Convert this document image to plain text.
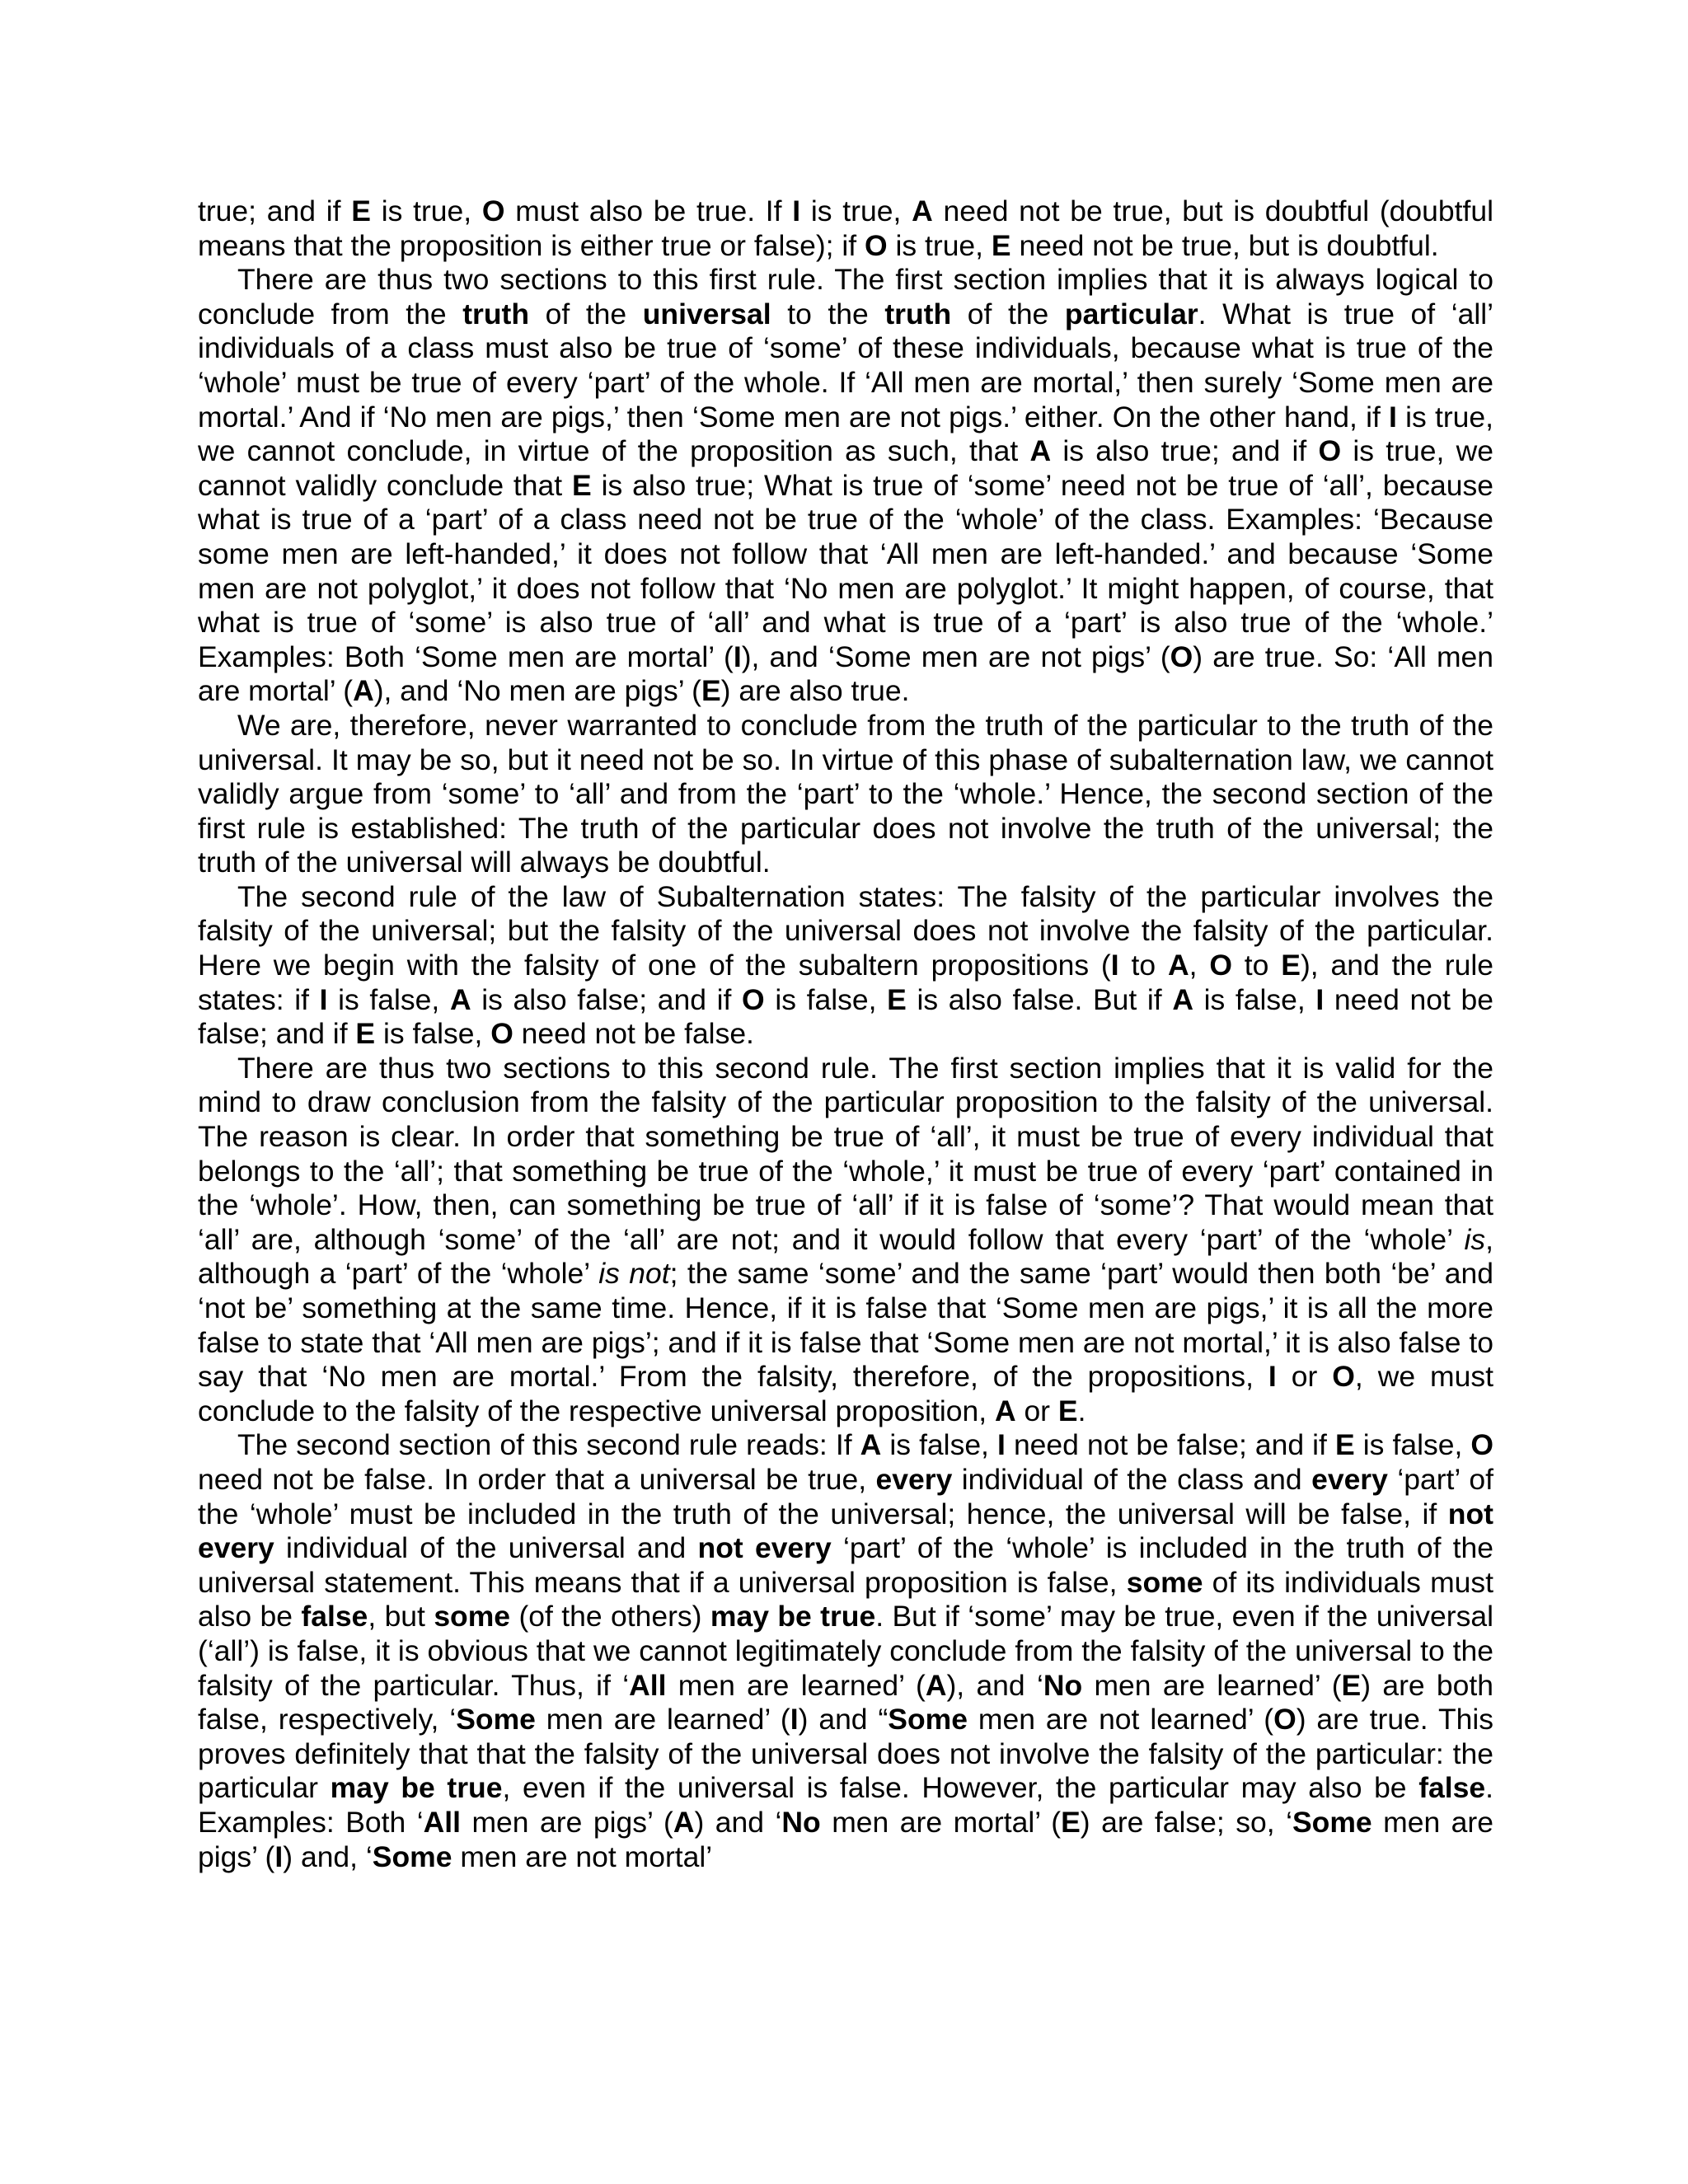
true; and if E is true, O must also be true. If I is true, A need not be true, but is doubtful (doubtful means that the proposition is either true or false); if O is true, E need not be true, but is doubtful.

There are thus two sections to this first rule. The first section implies that it is always logical to conclude from the truth of the universal to the truth of the particular. What is true of ‘all’ individuals of a class must also be true of ‘some’ of these individuals, because what is true of the ‘whole’ must be true of every ‘part’ of the whole. If ‘All men are mortal,’ then surely ‘Some men are mortal.’ And if ‘No men are pigs,’ then ‘Some men are not pigs.’ either. On the other hand, if I is true, we cannot conclude, in virtue of the proposition as such, that A is also true; and if O is true, we cannot validly conclude that E is also true; What is true of ‘some’ need not be true of ‘all’, because what is true of a ‘part’ of a class need not be true of the ‘whole’ of the class. Examples: ‘Because some men are left-handed,’ it does not follow that ‘All men are left-handed.’ and because ‘Some men are not polyglot,’ it does not follow that ‘No men are polyglot.’ It might happen, of course, that what is true of ‘some’ is also true of ‘all’ and what is true of a ‘part’ is also true of the ‘whole.’ Examples: Both ‘Some men are mortal’ (I), and ‘Some men are not pigs’ (O) are true. So: ‘All men are mortal’ (A), and ‘No men are pigs’ (E) are also true.

We are, therefore, never warranted to conclude from the truth of the particular to the truth of the universal. It may be so, but it need not be so. In virtue of this phase of subalternation law, we cannot validly argue from ‘some’ to ‘all’ and from the ‘part’ to the ‘whole.’ Hence, the second section of the first rule is established: The truth of the particular does not involve the truth of the universal; the truth of the universal will always be doubtful.

The second rule of the law of Subalternation states: The falsity of the particular involves the falsity of the universal; but the falsity of the universal does not involve the falsity of the particular. Here we begin with the falsity of one of the subaltern propositions (I to A, O to E), and the rule states: if I is false, A is also false; and if O is false, E is also false. But if A is false, I need not be false; and if E is false, O need not be false.

There are thus two sections to this second rule. The first section implies that it is valid for the mind to draw conclusion from the falsity of the particular proposition to the falsity of the universal. The reason is clear. In order that something be true of ‘all’, it must be true of every individual that belongs to the ‘all’; that something be true of the ‘whole,’ it must be true of every ‘part’ contained in the ‘whole’. How, then, can something be true of ‘all’ if it is false of ‘some’? That would mean that ‘all’ are, although ‘some’ of the ‘all’ are not; and it would follow that every ‘part’ of the ‘whole’ is, although a ‘part’ of the ‘whole’ is not; the same ‘some’ and the same ‘part’ would then both ‘be’ and ‘not be’ something at the same time. Hence, if it is false that ‘Some men are pigs,’ it is all the more false to state that ‘All men are pigs’; and if it is false that ‘Some men are not mortal,’ it is also false to say that ‘No men are mortal.’ From the falsity, therefore, of the propositions, I or O, we must conclude to the falsity of the respective universal proposition, A or E.

The second section of this second rule reads: If A is false, I need not be false; and if E is false, O need not be false. In order that a universal be true, every individual of the class and every ‘part’ of the ‘whole’ must be included in the truth of the universal; hence, the universal will be false, if not every individual of the universal and not every ‘part’ of the ‘whole’ is included in the truth of the universal statement. This means that if a universal proposition is false, some of its individuals must also be false, but some (of the others) may be true. But if ‘some’ may be true, even if the universal (‘all’) is false, it is obvious that we cannot legitimately conclude from the falsity of the universal to the falsity of the particular. Thus, if ‘All men are learned’ (A), and ‘No men are learned’ (E) are both false, respectively, ‘Some men are learned’ (I) and “Some men are not learned’ (O) are true. This proves definitely that that the falsity of the universal does not involve the falsity of the particular: the particular may be true, even if the universal is false. However, the particular may also be false. Examples: Both ‘All men are pigs’ (A) and ‘No men are mortal’ (E) are false; so, ‘Some men are pigs’ (I) and, ‘Some men are not mortal’
